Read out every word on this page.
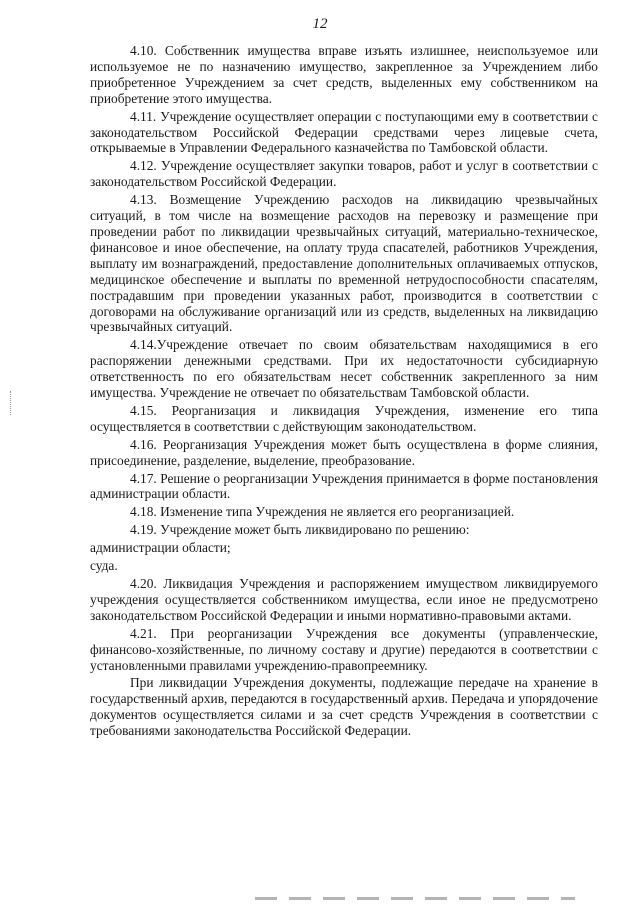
12

4.10. Собственник имущества вправе изъять излишнее, неиспользуемое или используемое не по назначению имущество, закрепленное за Учреждением либо приобретенное Учреждением за счет средств, выделенных ему собственником на приобретение этого имущества.

4.11. Учреждение осуществляет операции с поступающими ему в соответствии с законодательством Российской Федерации средствами через лицевые счета, открываемые в Управлении Федерального казначейства по Тамбовской области.

4.12. Учреждение осуществляет закупки товаров, работ и услуг в соответствии с законодательством Российской Федерации.

4.13. Возмещение Учреждению расходов на ликвидацию чрезвычайных ситуаций, в том числе на возмещение расходов на перевозку и размещение при проведении работ по ликвидации чрезвычайных ситуаций, материально-техническое, финансовое и иное обеспечение, на оплату труда спасателей, работников Учреждения, выплату им вознаграждений, предоставление дополнительных оплачиваемых отпусков, медицинское обеспечение и выплаты по временной нетрудоспособности спасателям, пострадавшим при проведении указанных работ, производится в соответствии с договорами на обслуживание организаций или из средств, выделенных на ликвидацию чрезвычайных ситуаций.

4.14.Учреждение отвечает по своим обязательствам находящимися в его распоряжении денежными средствами. При их недостаточности субсидиарную ответственность по его обязательствам несет собственник закрепленного за ним имущества. Учреждение не отвечает по обязательствам Тамбовской области.

4.15. Реорганизация и ликвидация Учреждения, изменение его типа осуществляется в соответствии с действующим законодательством.

4.16. Реорганизация Учреждения может быть осуществлена в форме слияния, присоединение, разделение, выделение, преобразование.

4.17. Решение о реорганизации Учреждения принимается в форме постановления администрации области.

4.18. Изменение типа Учреждения не является его реорганизацией.

4.19. Учреждение может быть ликвидировано по решению:

администрации области;

суда.

4.20. Ликвидация Учреждения и распоряжением имуществом ликвидируемого учреждения осуществляется собственником имущества, если иное не предусмотрено законодательством Российской Федерации и иными нормативно-правовыми актами.

4.21. При реорганизации Учреждения все документы (управленческие, финансово-хозяйственные, по личному составу и другие) передаются в соответствии с установленными правилами учреждению-правопреемнику.

При ликвидации Учреждения документы, подлежащие передаче на хранение в государственный архив, передаются в государственный архив. Передача и упорядочение документов осуществляется силами и за счет средств Учреждения в соответствии с требованиями законодательства Российской Федерации.
